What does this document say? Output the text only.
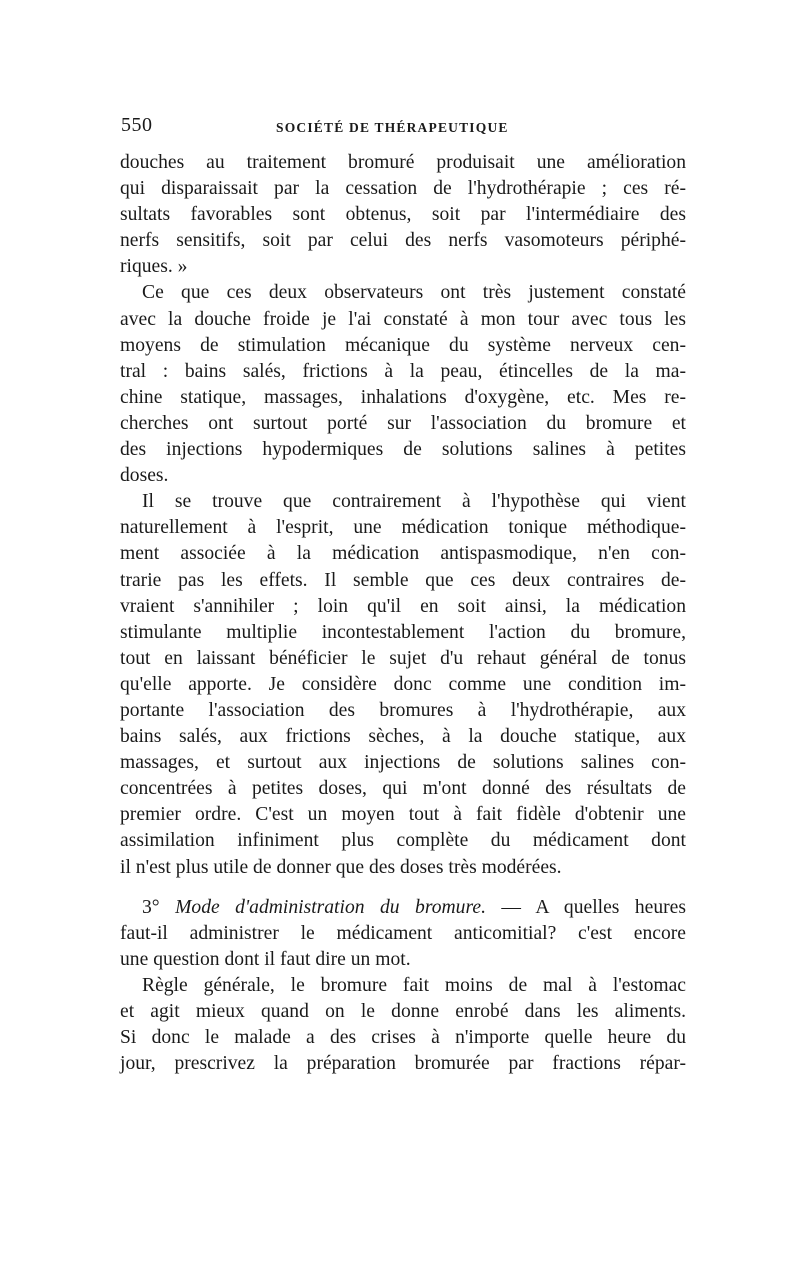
550	SOCIÉTÉ DE THÉRAPEUTIQUE
douches au traitement bromuré produisait une amélioration
qui disparaissait par la cessation de l'hydrothérapie ; ces ré-
sultats favorables sont obtenus, soit par l'intermédiaire des
nerfs sensitifs, soit par celui des nerfs vasomoteurs périphé-
riques. »
Ce que ces deux observateurs ont très justement constaté
avec la douche froide je l'ai constaté à mon tour avec tous les
moyens de stimulation mécanique du système nerveux cen-
tral : bains salés, frictions à la peau, étincelles de la ma-
chine statique, massages, inhalations d'oxygène, etc. Mes re-
cherches ont surtout porté sur l'association du bromure et
des injections hypodermiques de solutions salines à petites
doses.
Il se trouve que contrairement à l'hypothèse qui vient
naturellement à l'esprit, une médication tonique méthodique-
ment associée à la médication antispasmodique, n'en con-
trarie pas les effets. Il semble que ces deux contraires de-
vraient s'annihiler ; loin qu'il en soit ainsi, la médication
stimulante multiplie incontestablement l'action du bromure,
tout en laissant bénéficier le sujet d'u rehaut général de tonus
qu'elle apporte. Je considère donc comme une condition im-
portante l'association des bromures à l'hydrothérapie, aux
bains salés, aux frictions sèches, à la douche statique, aux
massages, et surtout aux injections de solutions salines con-
concentrées à petites doses, qui m'ont donné des résultats de
premier ordre. C'est un moyen tout à fait fidèle d'obtenir une
assimilation infiniment plus complète du médicament dont
il n'est plus utile de donner que des doses très modérées.
3° Mode d'administration du bromure. — A quelles heures
faut-il administrer le médicament anticomitial? c'est encore
une question dont il faut dire un mot.
Règle générale, le bromure fait moins de mal à l'estomac
et agit mieux quand on le donne enrobé dans les aliments.
Si donc le malade a des crises à n'importe quelle heure du
jour, prescrivez la préparation bromurée par fractions répar-
